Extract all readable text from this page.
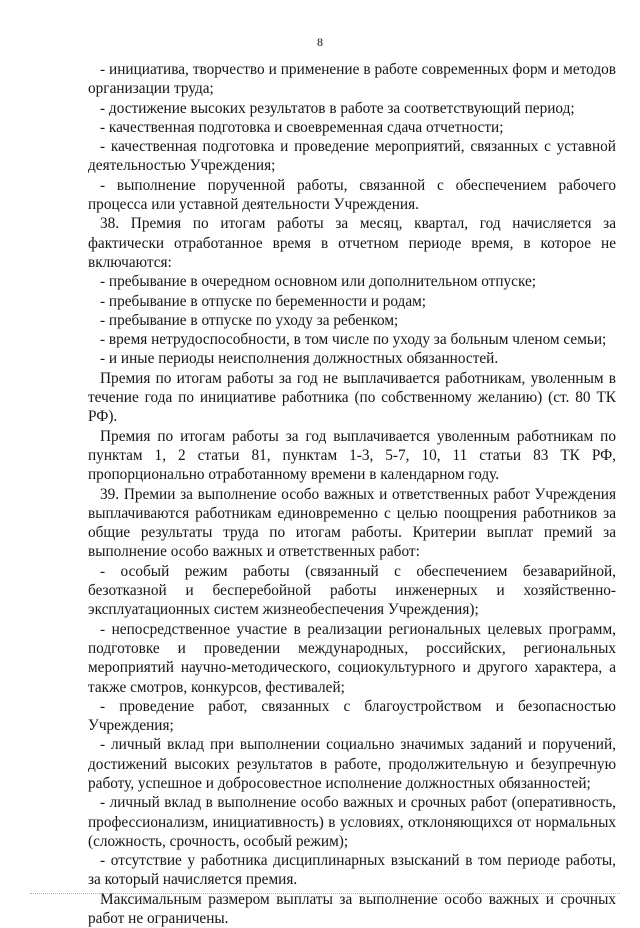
8

- инициатива, творчество и применение в работе современных форм и методов организации труда;

- достижение высоких результатов в работе за соответствующий период;

- качественная подготовка и своевременная сдача отчетности;

- качественная подготовка и проведение мероприятий, связанных с уставной деятельностью Учреждения;

- выполнение порученной работы, связанной с обеспечением рабочего процесса или уставной деятельности Учреждения.

38. Премия по итогам работы за месяц, квартал, год начисляется за фактически отработанное время в отчетном периоде время, в которое не включаются:

- пребывание в очередном основном или дополнительном отпуске;

- пребывание в отпуске по беременности и родам;

- пребывание в отпуске по уходу за ребенком;

- время нетрудоспособности, в том числе по уходу за больным членом семьи;

- и иные периоды неисполнения должностных обязанностей.

Премия по итогам работы за год не выплачивается работникам, уволенным в течение года по инициативе работника (по собственному желанию) (ст. 80 ТК РФ).

Премия по итогам работы за год выплачивается уволенным работникам по пунктам 1, 2 статьи 81, пунктам 1-3, 5-7, 10, 11 статьи 83 ТК РФ, пропорционально отработанному времени в календарном году.

39. Премии за выполнение особо важных и ответственных работ Учреждения выплачиваются работникам единовременно с целью поощрения работников за общие результаты труда по итогам работы. Критерии выплат премий за выполнение особо важных и ответственных работ:

- особый режим работы (связанный с обеспечением безаварийной, безотказной и бесперебойной работы инженерных и хозяйственно-эксплуатационных систем жизнеобеспечения Учреждения);

- непосредственное участие в реализации региональных целевых программ, подготовке и проведении международных, российских, региональных мероприятий научно-методического, социокультурного и другого характера, а также смотров, конкурсов, фестивалей;

- проведение работ, связанных с благоустройством и безопасностью Учреждения;

- личный вклад при выполнении социально значимых заданий и поручений, достижений высоких результатов в работе, продолжительную и безупречную работу, успешное и добросовестное исполнение должностных обязанностей;

- личный вклад в выполнение особо важных и срочных работ (оперативность, профессионализм, инициативность) в условиях, отклоняющихся от нормальных (сложность, срочность, особый режим);

- отсутствие у работника дисциплинарных взысканий в том периоде работы, за который начисляется премия.

Максимальным размером выплаты за выполнение особо важных и срочных работ не ограничены.
